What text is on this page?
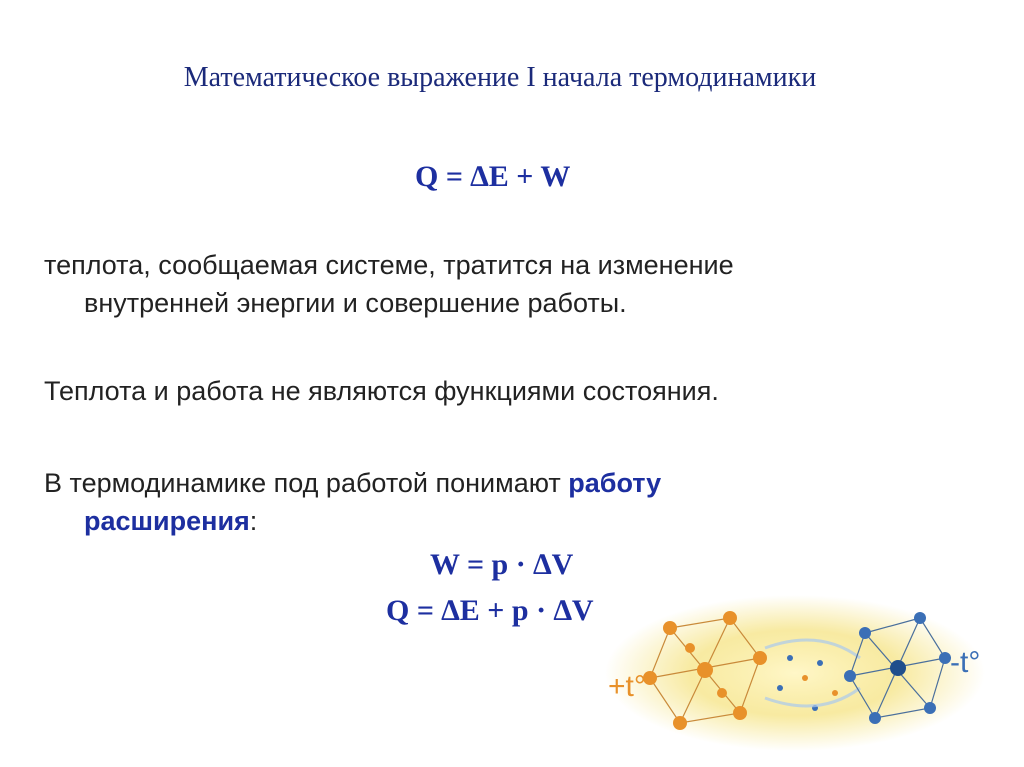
Математическое выражение I начала термодинамики
Q = ∆E + W
теплота, сообщаемая системе, тратится на изменение
внутренней энергии и совершение работы.
Теплота и работа не являются функциями состояния.
В термодинамике под работой понимают работу
расширения:
W = p · ∆V
Q = ∆E + p · ∆V
+t°
-t°
